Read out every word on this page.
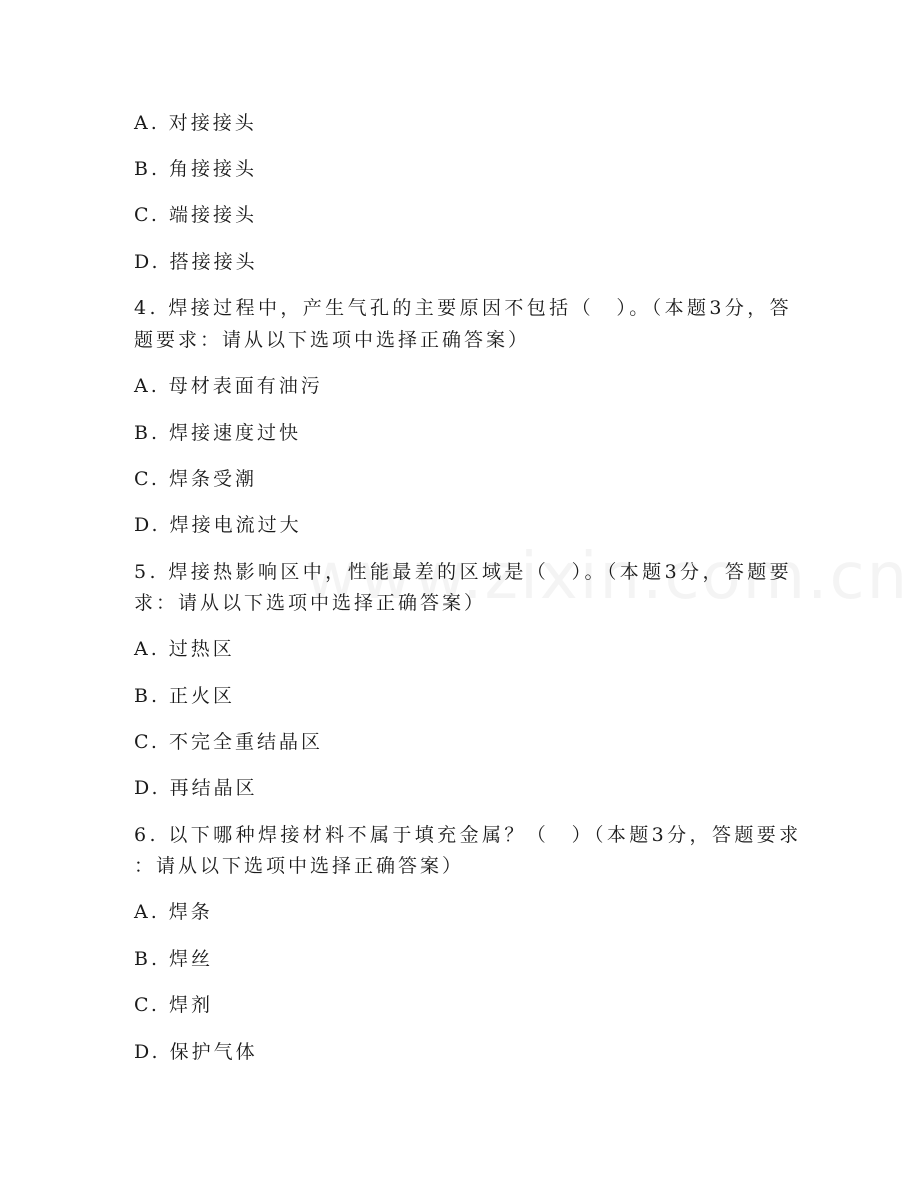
A. 对接接头
B. 角接接头
C. 端接接头
D. 搭接接头
4. 焊接过程中，产生气孔的主要原因不包括（　）。（本题3分，答
题要求：请从以下选项中选择正确答案）
A. 母材表面有油污
B. 焊接速度过快
C. 焊条受潮
D. 焊接电流过大
5. 焊接热影响区中，性能最差的区域是（　）。（本题3分，答题要
求：请从以下选项中选择正确答案）
A. 过热区
B. 正火区
C. 不完全重结晶区
D. 再结晶区
6. 以下哪种焊接材料不属于填充金属？（　）（本题3分，答题要求
：请从以下选项中选择正确答案）
A. 焊条
B. 焊丝
C. 焊剂
D. 保护气体
